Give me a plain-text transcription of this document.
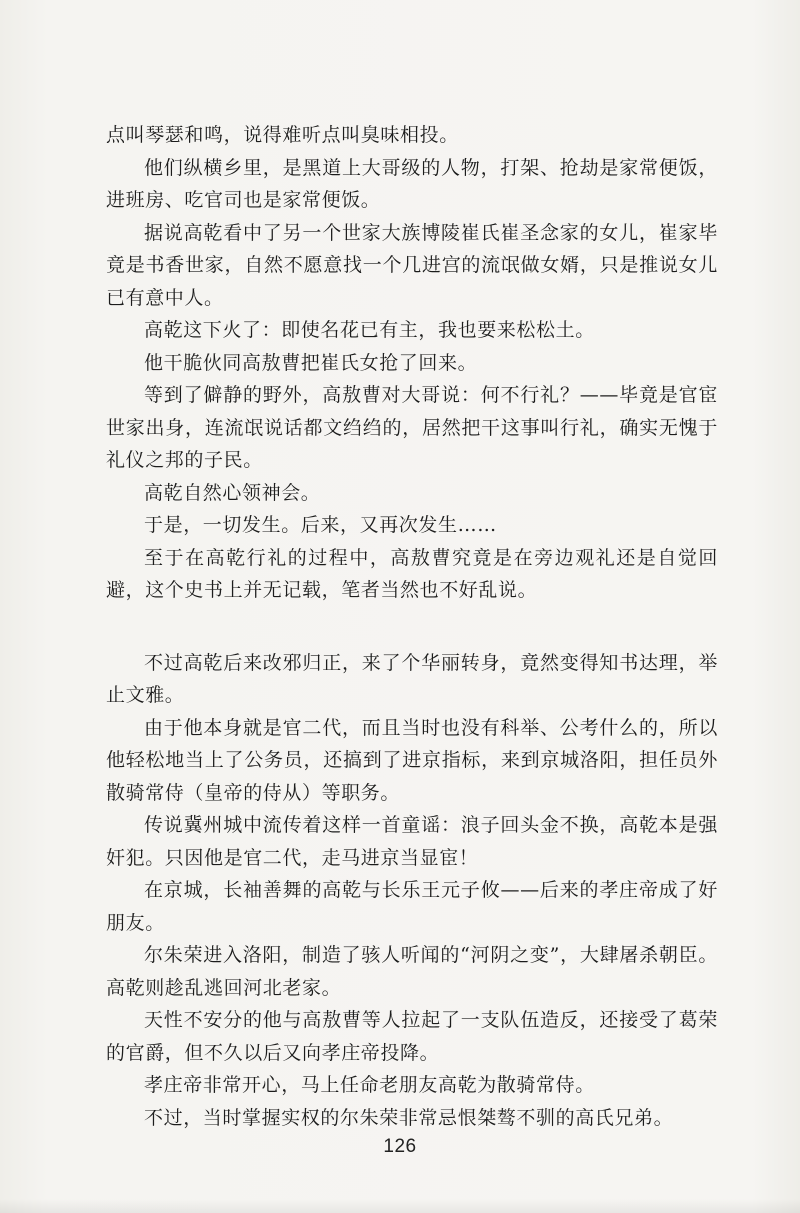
点叫琴瑟和鸣，说得难听点叫臭味相投。

他们纵横乡里，是黑道上大哥级的人物，打架、抢劫是家常便饭，进班房、吃官司也是家常便饭。

据说高乾看中了另一个世家大族博陵崔氏崔圣念家的女儿，崔家毕竟是书香世家，自然不愿意找一个几进宫的流氓做女婿，只是推说女儿已有意中人。

高乾这下火了：即使名花已有主，我也要来松松土。

他干脆伙同高敖曹把崔氏女抢了回来。

等到了僻静的野外，高敖曹对大哥说：何不行礼？——毕竟是官宦世家出身，连流氓说话都文绉绉的，居然把干这事叫行礼，确实无愧于礼仪之邦的子民。

高乾自然心领神会。

于是，一切发生。后来，又再次发生……

至于在高乾行礼的过程中，高敖曹究竟是在旁边观礼还是自觉回避，这个史书上并无记载，笔者当然也不好乱说。

不过高乾后来改邪归正，来了个华丽转身，竟然变得知书达理，举止文雅。

由于他本身就是官二代，而且当时也没有科举、公考什么的，所以他轻松地当上了公务员，还搞到了进京指标，来到京城洛阳，担任员外散骑常侍（皇帝的侍从）等职务。

传说冀州城中流传着这样一首童谣：浪子回头金不换，高乾本是强奸犯。只因他是官二代，走马进京当显宦！

在京城，长袖善舞的高乾与长乐王元子攸——后来的孝庄帝成了好朋友。

尔朱荣进入洛阳，制造了骇人听闻的“河阴之变”，大肆屠杀朝臣。高乾则趁乱逃回河北老家。

天性不安分的他与高敖曹等人拉起了一支队伍造反，还接受了葛荣的官爵，但不久以后又向孝庄帝投降。

孝庄帝非常开心，马上任命老朋友高乾为散骑常侍。

不过，当时掌握实权的尔朱荣非常忌恨桀骜不驯的高氏兄弟。

126
